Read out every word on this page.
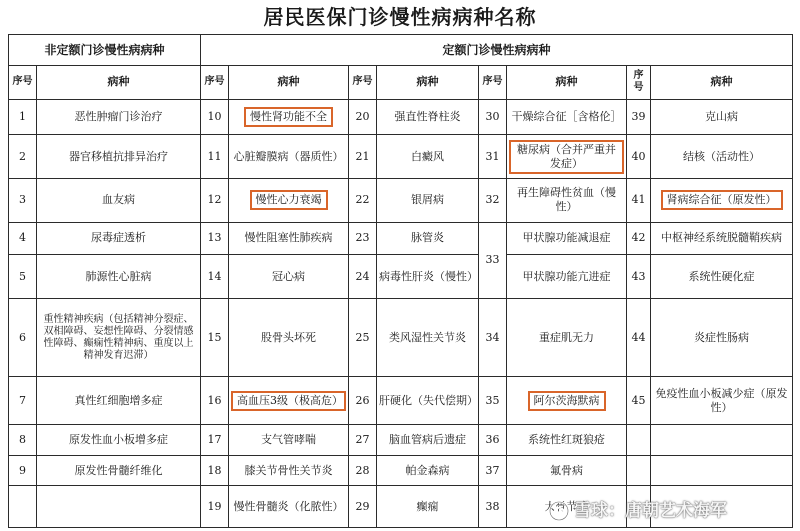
居民医保门诊慢性病病种名称
非定额门诊慢性病病种		定额门诊慢性病病种							
序号	病种	序号	病种	序号	病种	序号	病种	序号	病种
1	恶性肿瘤门诊治疗	10	慢性肾功能不全	20	强直性脊柱炎	30	干燥综合征［含格伦］	39	克山病
2	器官移植抗排异治疗	11	心脏瓣膜病（器质性）	21	白癜风	31	糖尿病（合并严重并发症）	40	结核（活动性）
3	血友病	12	慢性心力衰竭	22	银屑病	32	再生障碍性贫血（慢性）	41	肾病综合征（原发性）
4	尿毒症透析	13	慢性阻塞性肺疾病	23	脉管炎	33	甲状腺功能减退症	42	中枢神经系统脱髓鞘疾病
5	肺源性心脏病	14	冠心病	24	病毒性肝炎（慢性）		甲状腺功能亢进症	43	系统性硬化症
6	重性精神疾病（包括精神分裂症、双相障碍、妄想性障碍、分裂情感性障碍、癫痫性精神病、重度以上精神发育迟滞）	15	股骨头坏死	25	类风湿性关节炎	34	重症肌无力	44	炎症性肠病
7	真性红细胞增多症	16	高血压3级（极高危）	26	肝硬化（失代偿期）	35	阿尔茨海默病	45	免疫性血小板减少症（原发性）
8	原发性血小板增多症	17	支气管哮喘	27	脑血管病后遗症	36	系统性红斑狼疮		
9	原发性骨髓纤维化	18	膝关节骨性关节炎	28	帕金森病	37	氟骨病		
		19	慢性骨髓炎（化脓性）	29	癫痫	38	大骨节病		
雪球：唐朝艺术海军
